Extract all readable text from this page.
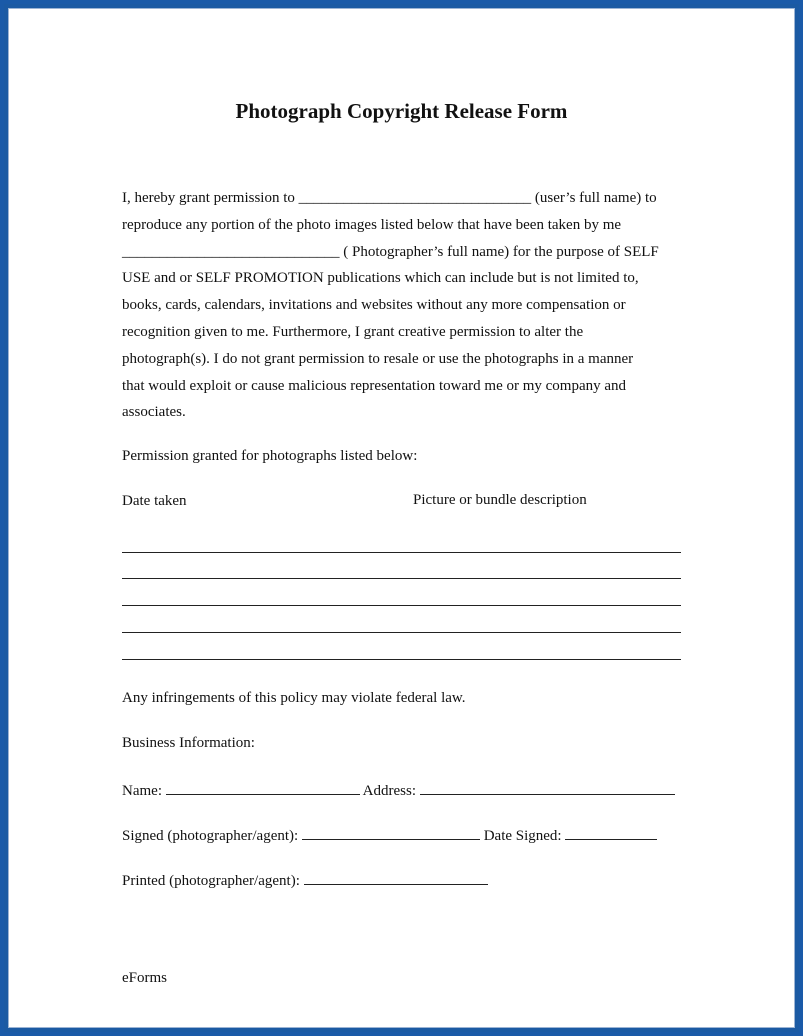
Photograph Copyright Release Form
I, hereby grant permission to _______________________________ (user’s full name) to
reproduce any portion of the photo images listed below that have been taken by me
_____________________________ ( Photographer’s full name) for the purpose of SELF
USE and or SELF PROMOTION publications which can include but is not limited to,
books, cards, calendars, invitations and websites without any more compensation or
recognition given to me. Furthermore, I grant creative permission to alter the
photograph(s). I do not grant permission to resale or use the photographs in a manner
that would exploit or cause malicious representation toward me or my company and
associates.

Permission granted for photographs listed below:

Date taken	Picture or bundle description

Any infringements of this policy may violate federal law.

Business Information:

Name:	Address:

Signed (photographer/agent):	Date Signed:

Printed (photographer/agent):

eForms
